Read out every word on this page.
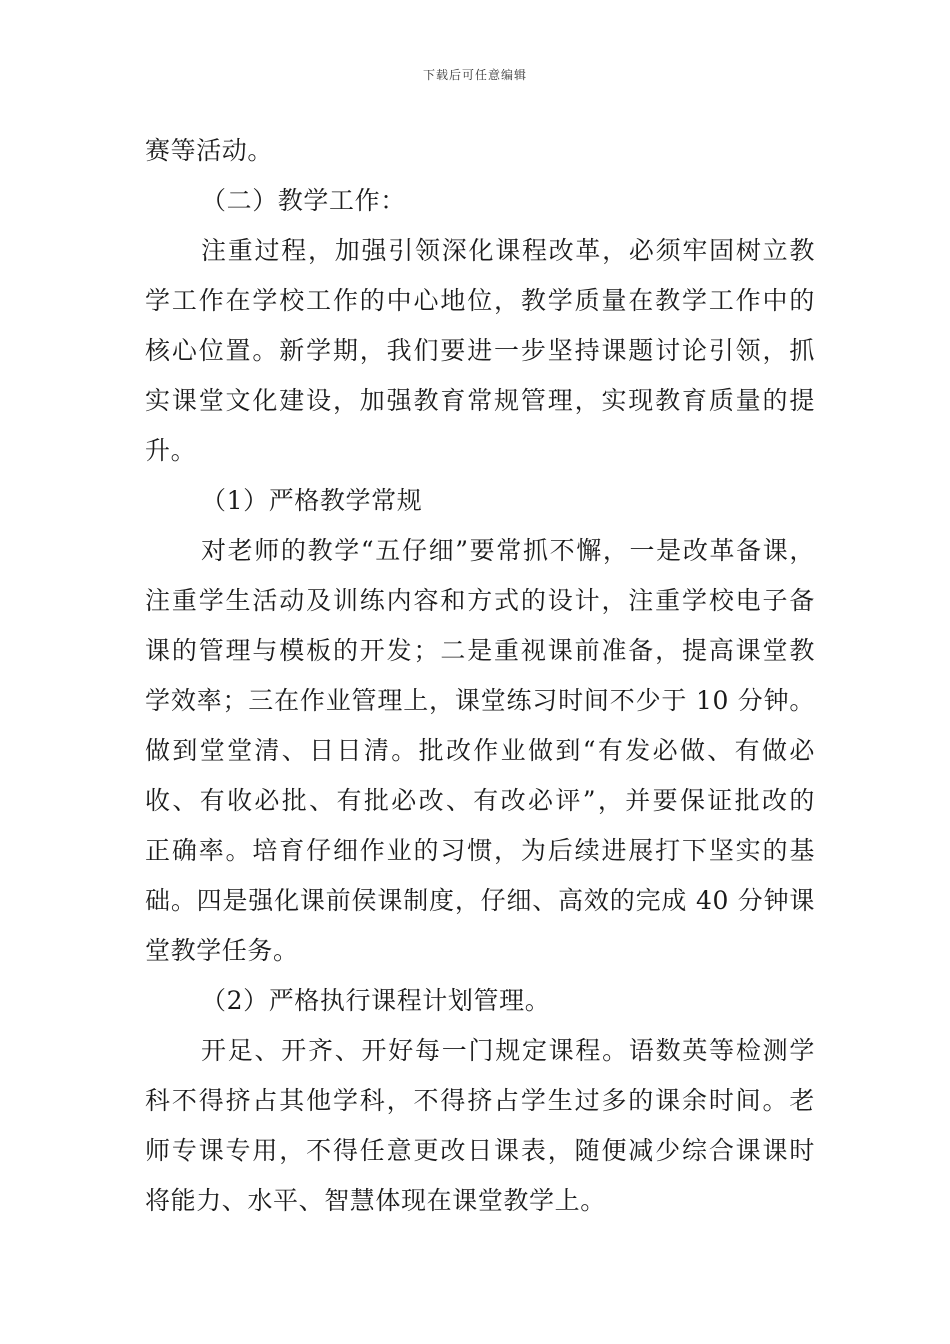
下载后可任意编辑
赛等活动。
（二）教学工作：
注重过程，加强引领深化课程改革，必须牢固树立教
学工作在学校工作的中心地位，教学质量在教学工作中的
核心位置。新学期，我们要进一步坚持课题讨论引领，抓
实课堂文化建设，加强教育常规管理，实现教育质量的提
升。
（1）严格教学常规
对老师的教学“五仔细”要常抓不懈，一是改革备课，
注重学生活动及训练内容和方式的设计，注重学校电子备
课的管理与模板的开发；二是重视课前准备，提高课堂教
学效率；三在作业管理上，课堂练习时间不少于 10 分钟。
做到堂堂清、日日清。批改作业做到“有发必做、有做必
收、有收必批、有批必改、有改必评”，并要保证批改的
正确率。培育仔细作业的习惯，为后续进展打下坚实的基
础。四是强化课前侯课制度，仔细、高效的完成 40 分钟课
堂教学任务。
（2）严格执行课程计划管理。
开足、开齐、开好每一门规定课程。语数英等检测学
科不得挤占其他学科，不得挤占学生过多的课余时间。老
师专课专用，不得任意更改日课表，随便减少综合课课时
将能力、水平、智慧体现在课堂教学上。
